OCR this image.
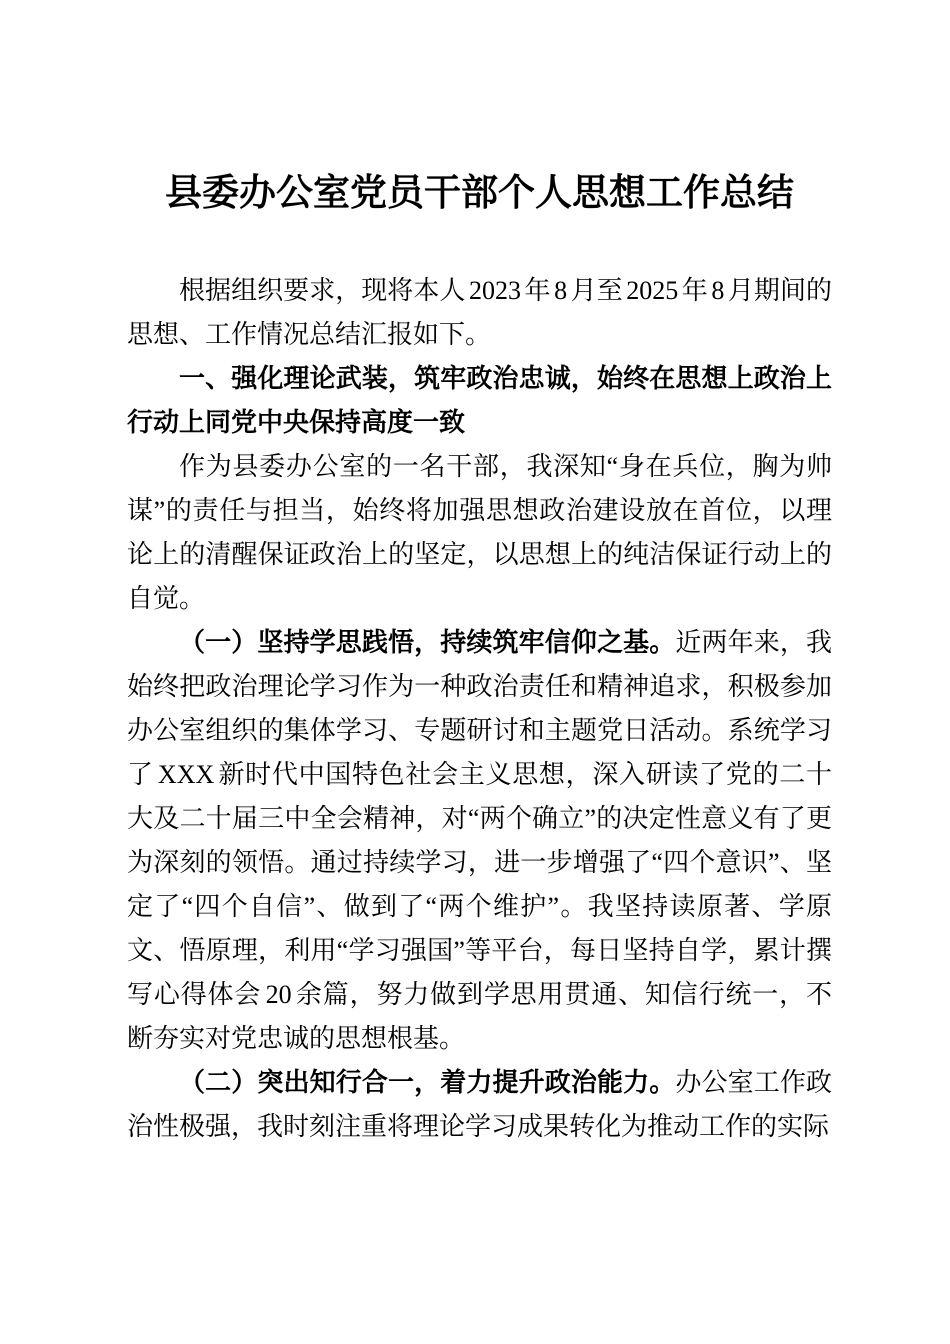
县委办公室党员干部个人思想工作总结

根据组织要求，现将本人 2023 年 8 月至 2025 年 8 月期间的思想、工作情况总结汇报如下。

一、强化理论武装，筑牢政治忠诚，始终在思想上政治上行动上同党中央保持高度一致

作为县委办公室的一名干部，我深知“身在兵位，胸为帅谋”的责任与担当，始终将加强思想政治建设放在首位，以理论上的清醒保证政治上的坚定，以思想上的纯洁保证行动上的自觉。

（一）坚持学思践悟，持续筑牢信仰之基。近两年来，我始终把政治理论学习作为一种政治责任和精神追求，积极参加办公室组织的集体学习、专题研讨和主题党日活动。系统学习了 XXX 新时代中国特色社会主义思想，深入研读了党的二十大及二十届三中全会精神，对“两个确立”的决定性意义有了更为深刻的领悟。通过持续学习，进一步增强了“四个意识”、坚定了“四个自信”、做到了“两个维护”。我坚持读原著、学原文、悟原理，利用“学习强国”等平台，每日坚持自学，累计撰写心得体会 20 余篇，努力做到学思用贯通、知信行统一，不断夯实对党忠诚的思想根基。

（二）突出知行合一，着力提升政治能力。办公室工作政治性极强，我时刻注重将理论学习成果转化为推动工作的实际
